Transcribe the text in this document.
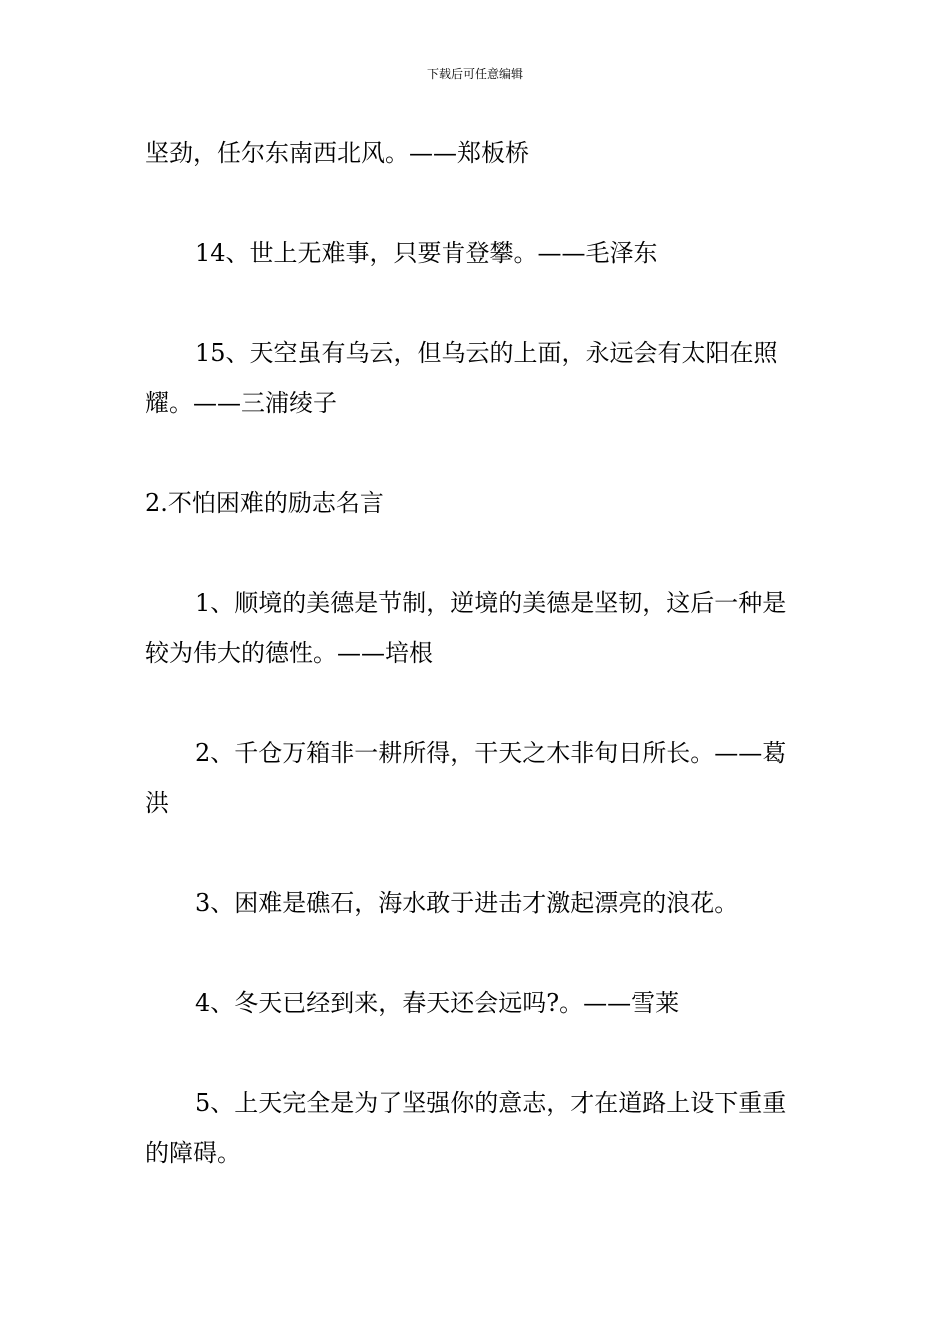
下载后可任意编辑

坚劲，任尔东南西北风。——郑板桥

14、世上无难事，只要肯登攀。——毛泽东

15、天空虽有乌云，但乌云的上面，永远会有太阳在照耀。——三浦绫子

2.不怕困难的励志名言

1、顺境的美德是节制，逆境的美德是坚韧，这后一种是较为伟大的德性。——培根

2、千仓万箱非一耕所得，干天之木非旬日所长。——葛洪

3、困难是礁石，海水敢于进击才激起漂亮的浪花。

4、冬天已经到来，春天还会远吗?。——雪莱

5、上天完全是为了坚强你的意志，才在道路上设下重重的障碍。
